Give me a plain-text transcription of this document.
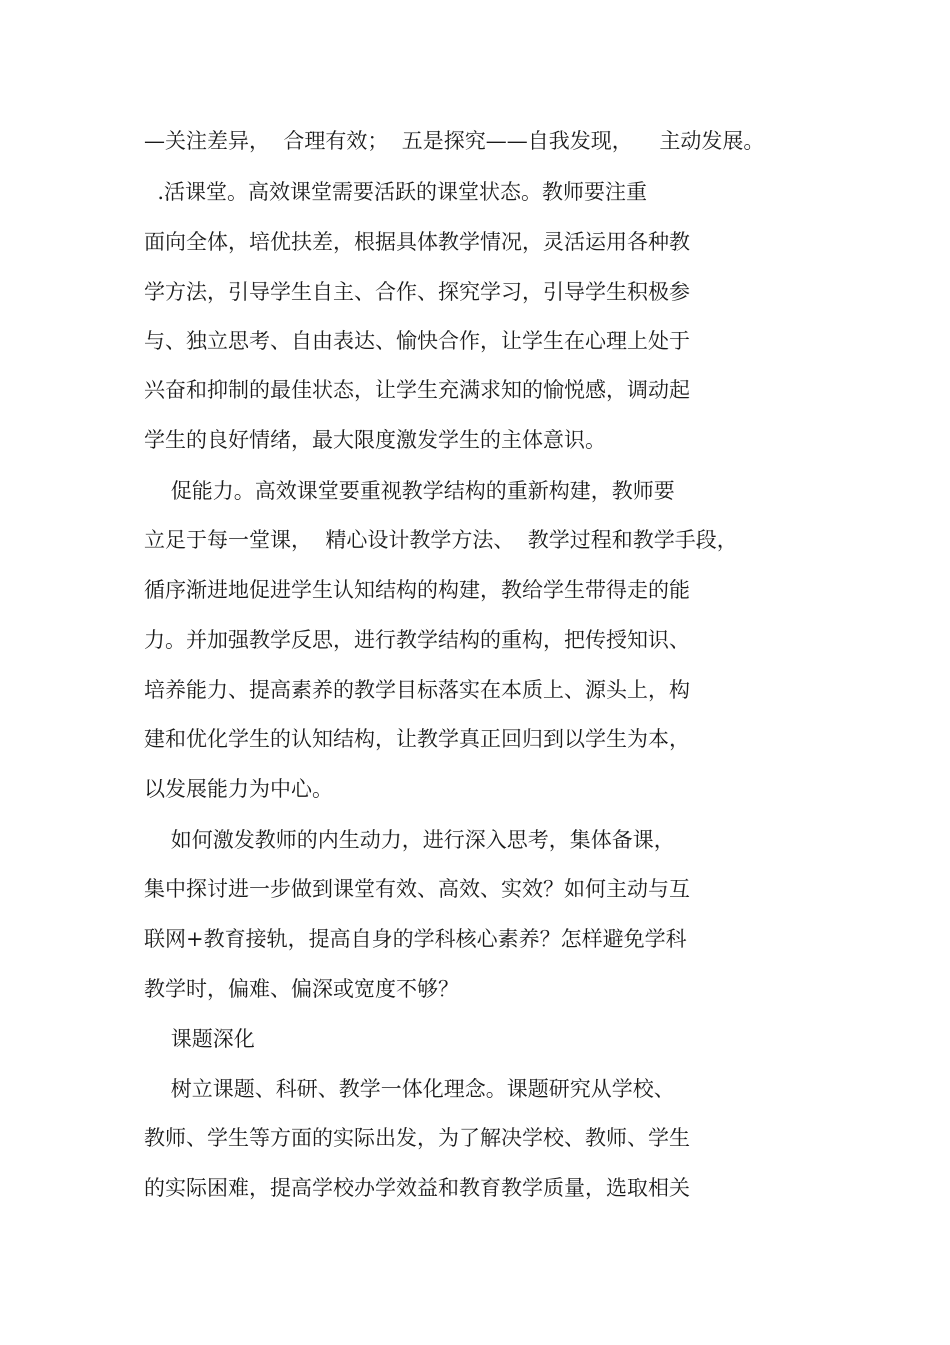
—关注差异，  合理有效；  五是探究——自我发现，    主动发展。

.活课堂。高效课堂需要活跃的课堂状态。教师要注重

面向全体，培优扶差，根据具体教学情况，灵活运用各种教

学方法，引导学生自主、合作、探究学习，引导学生积极参

与、独立思考、自由表达、愉快合作，让学生在心理上处于

兴奋和抑制的最佳状态，让学生充满求知的愉悦感，调动起

学生的良好情绪，最大限度激发学生的主体意识。

促能力。高效课堂要重视教学结构的重新构建，教师要

立足于每一堂课，  精心设计教学方法、  教学过程和教学手段，

循序渐进地促进学生认知结构的构建，教给学生带得走的能

力。并加强教学反思，进行教学结构的重构，把传授知识、

培养能力、提高素养的教学目标落实在本质上、源头上，构

建和优化学生的认知结构，让教学真正回归到以学生为本，

以发展能力为中心。

如何激发教师的内生动力，进行深入思考，集体备课，

集中探讨进一步做到课堂有效、高效、实效？如何主动与互

联网+教育接轨，提高自身的学科核心素养？怎样避免学科

教学时，偏难、偏深或宽度不够？

课题深化

树立课题、科研、教学一体化理念。课题研究从学校、

教师、学生等方面的实际出发，为了解决学校、教师、学生

的实际困难，提高学校办学效益和教育教学质量，选取相关
